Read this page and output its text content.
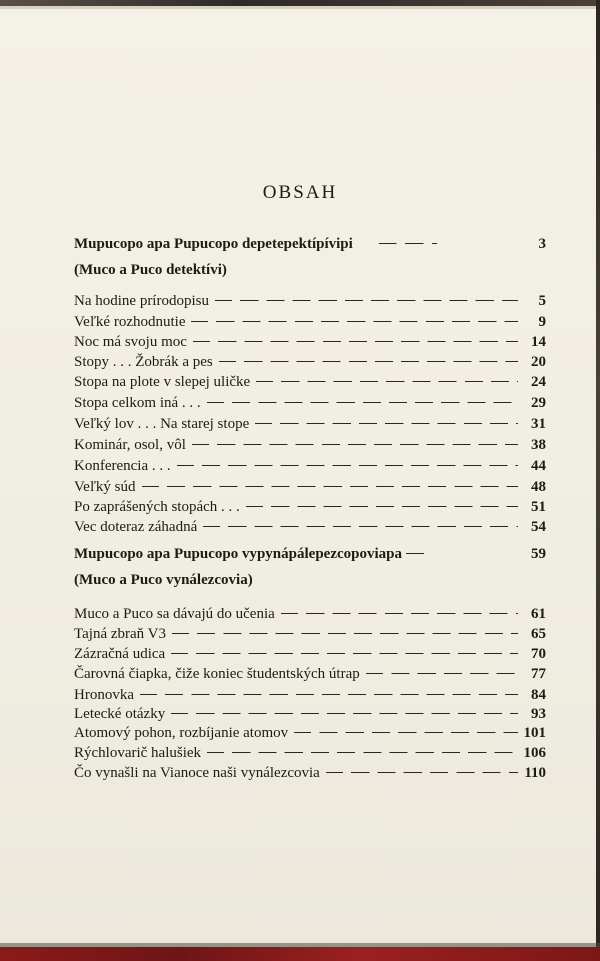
OBSAH
Mupucopo apa Pupucopo depetepektípívipi	3
(Muco a Puco detektívi)
Na hodine prírodopisu	5
Veľké rozhodnutie	9
Noc má svoju moc	14
Stopy . . . Žobrák a pes	20
Stopa na plote v slepej uličke	24
Stopa celkom iná . . .	29
Veľký lov . . . Na starej stope	31
Kominár, osol, vôl	38
Konferencia . . .	44
Veľký súd	48
Po zaprášených stopách . . .	51
Vec doteraz záhadná	54
Mupucopo apa Pupucopo vypynápálepezcopoviapa	59
(Muco a Puco vynálezcovia)
Muco a Puco sa dávajú do učenia	61
Tajná zbraň V3	65
Zázračná udica	70
Čarovná čiapka, čiže koniec študentských útrap	77
Hronovka	84
Letecké otázky	93
Atomový pohon, rozbíjanie atomov	101
Rýchlovarič halušiek	106
Čo vynašli na Vianoce naši vynálezcovia	110
